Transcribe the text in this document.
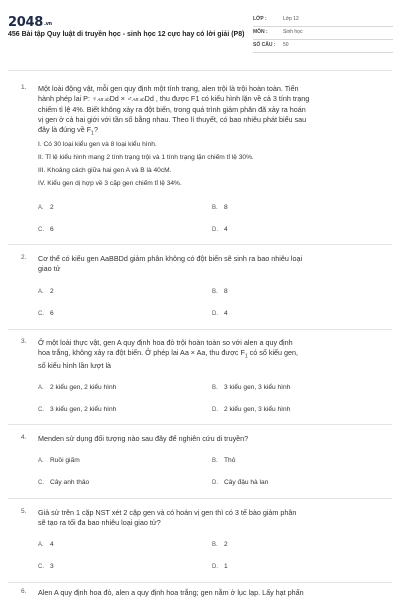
2048.vn
456 Bài tập Quy luật di truyền học - sinh học 12 cực hay có lời giải (P8)
LỚP :	Lớp 12
MÔN :	Sinh học
SỐ CÂU : 50
1. Một loài động vật, mỗi gen quy định một tính trạng, alen trội là trội hoàn toàn. Tiến
hành phép lai P: ♀AB abDd × ♂AB abDd , thu được F1 có kiểu hình lặn về cả 3 tính trạng
chiếm tỉ lệ 4%. Biết không xảy ra đột biến, trong quá trình giảm phân đã xảy ra hoán
vị gen ở cả hai giới với tần số bằng nhau. Theo lí thuyết, có bao nhiêu phát biểu sau
đây là đúng về $F_1$?
I. Có 30 loại kiểu gen và 8 loại kiểu hình.
II. Tỉ lệ kiểu hình mang 2 tính trạng trội và 1 tính trạng lặn chiếm tỉ lệ 30%.
III. Khoảng cách giữa hai gen A và B là 40cM.
IV. Kiểu gen dị hợp về 3 cặp gen chiếm tỉ lệ 34%.
A. 2	B. 8
C. 6	D. 4
2. Cơ thể có kiểu gen AaBBDd giảm phân không có đột biến sẽ sinh ra bao nhiêu loại
giao tử
A. 2	B. 8
C. 6	D. 4
3. Ở một loài thực vật, gen A quy định hoa đỏ trội hoàn toàn so với alen a quy định
hoa trắng, không xảy ra đột biến. Ở phép lai Aa × Aa, thu được $F_1$ có số kiểu gen,
số kiểu hình lần lượt là
A. 2 kiểu gen, 2 kiểu hình	B. 3 kiểu gen, 3 kiểu hình
C. 3 kiểu gen, 2 kiểu hình	D. 2 kiểu gen, 3 kiểu hình
4. Menden sử dụng đối tượng nào sau đây để nghiên cứu di truyền?
A. Ruồi giấm	B. Thỏ
C. Cây anh thảo	D. Cây đậu hà lan
5. Giả sử trên 1 cặp NST xét 2 cặp gen và có hoán vị gen thì có 3 tế bào giảm phân
sẽ tạo ra tối đa bao nhiêu loại giao tử?
A. 4	B. 2
C. 3	D. 1
6. Alen A quy định hoa đỏ, alen a quy định hoa trắng; gen nằm ở lục lạp. Lấy hạt phấn
